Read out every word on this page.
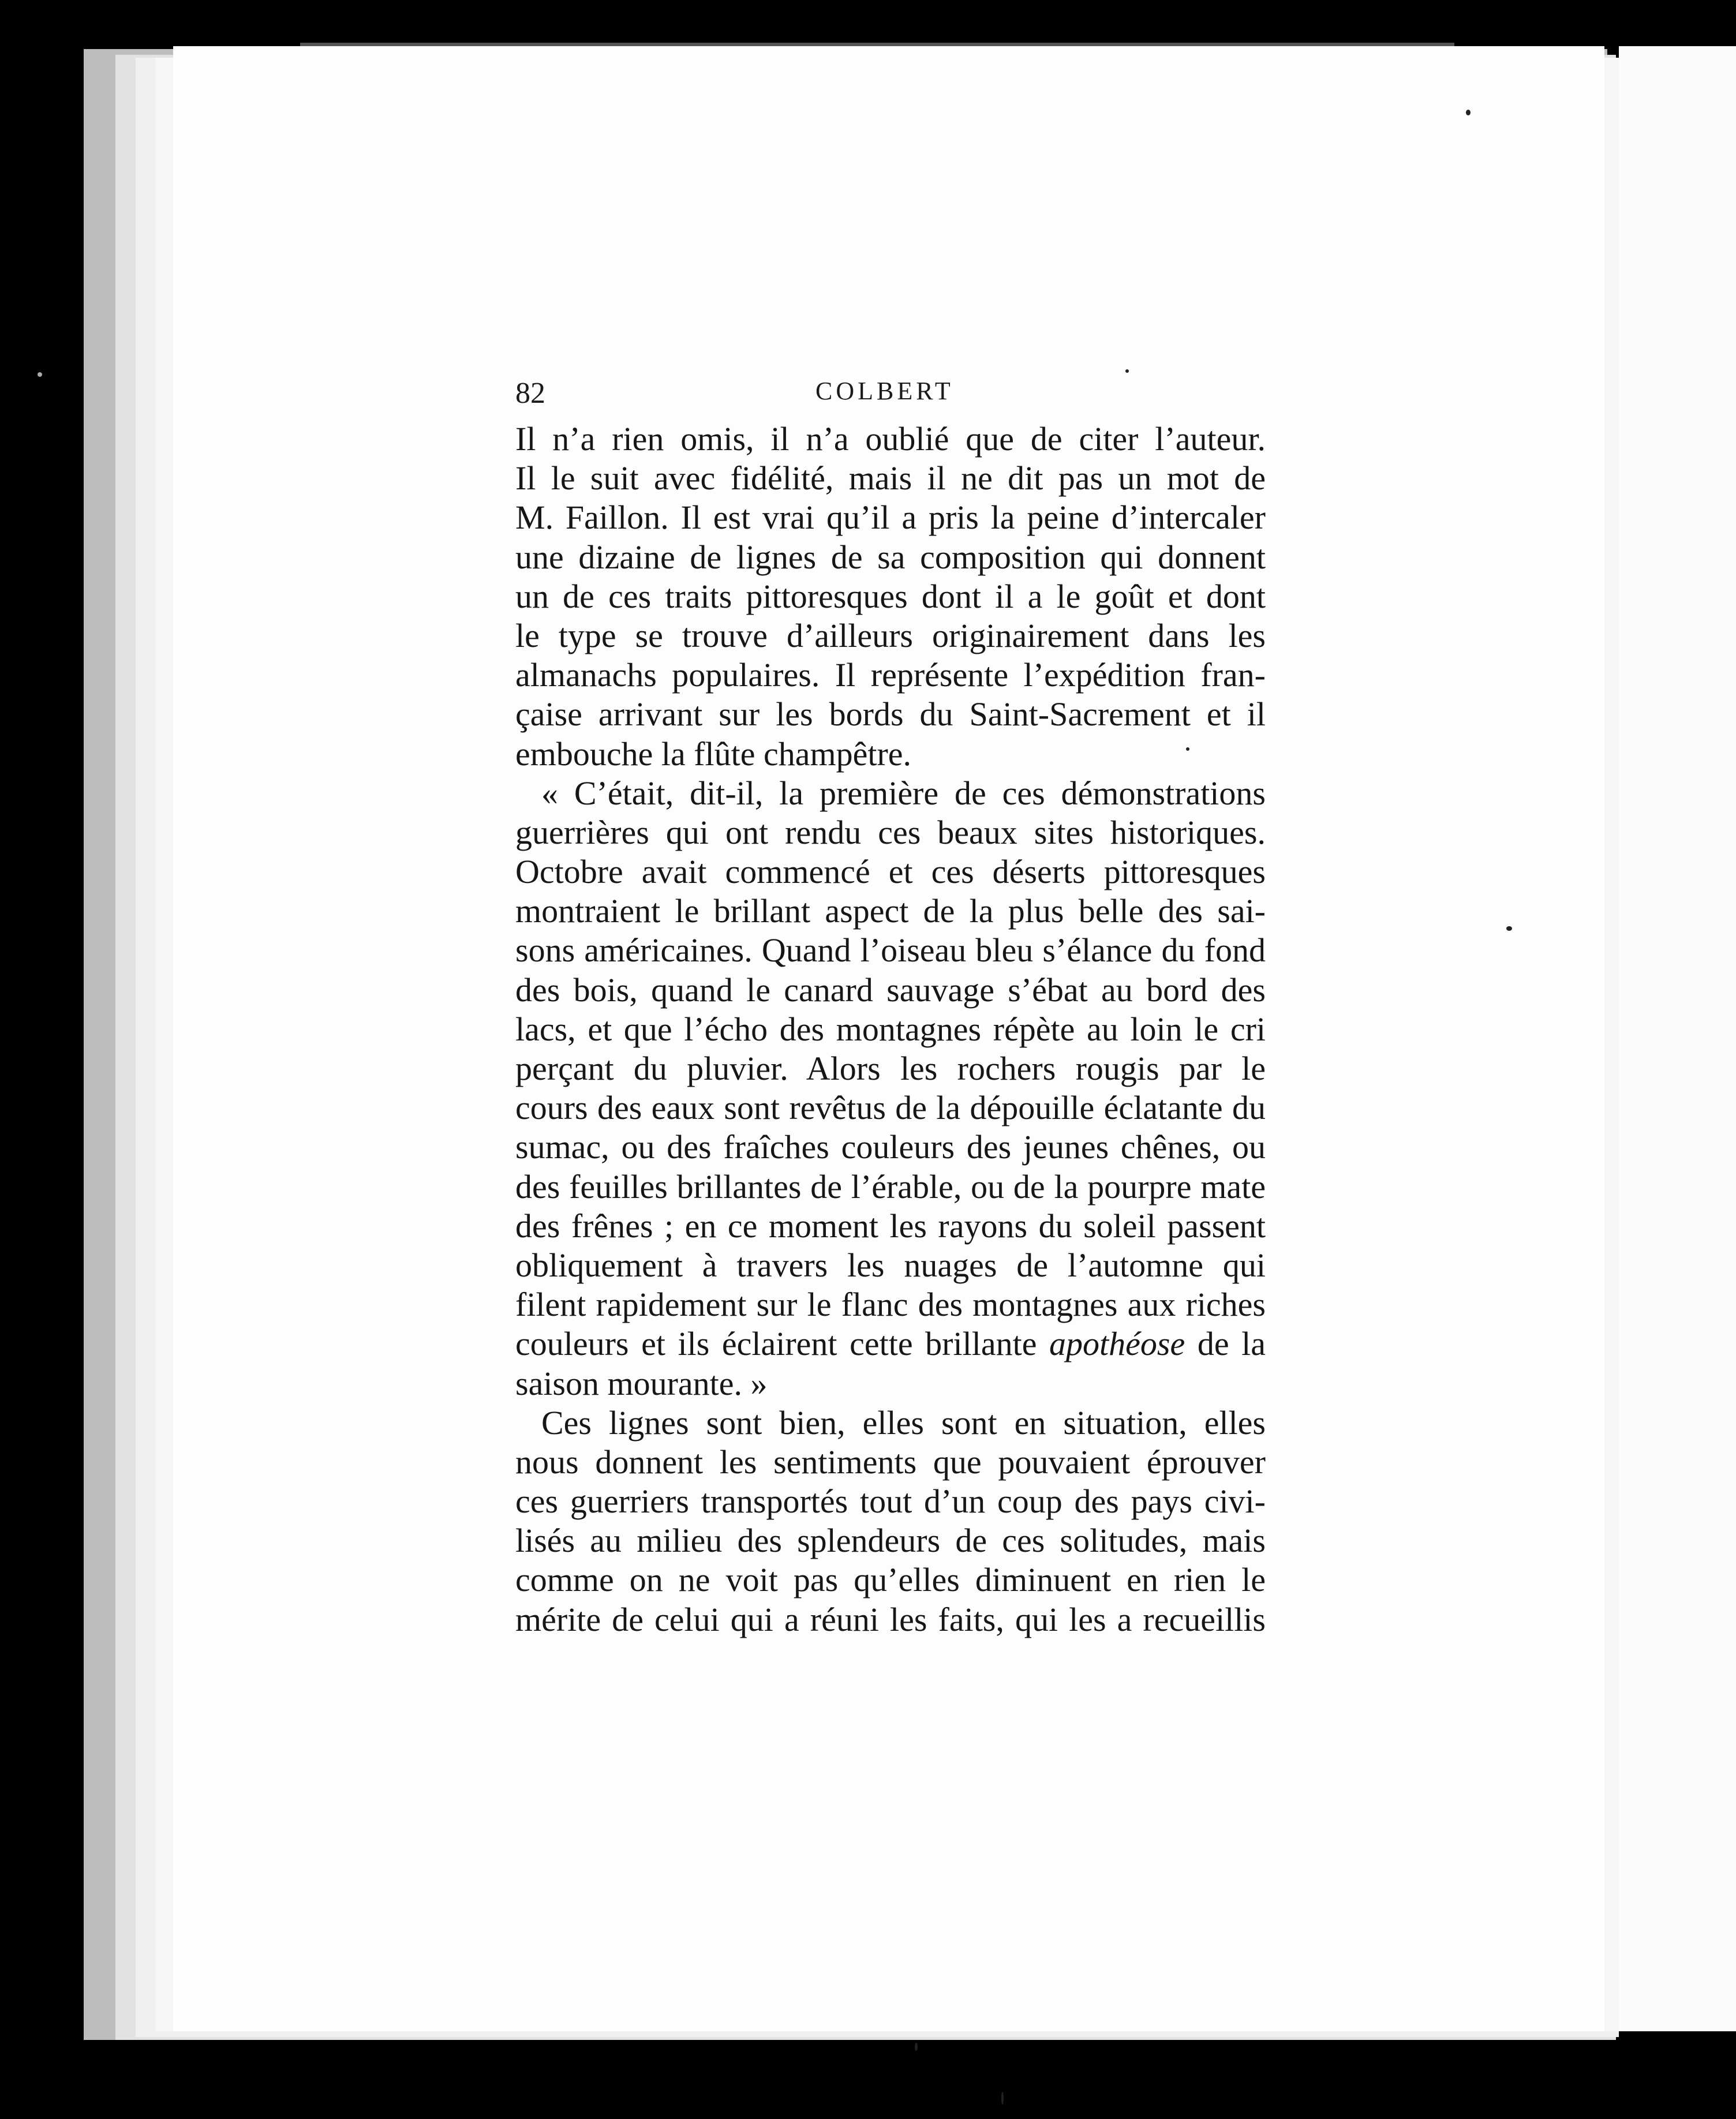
82	COLBERT
Il n’a rien omis, il n’a oublié que de citer l’auteur.
Il le suit avec fidélité, mais il ne dit pas un mot de
M. Faillon. Il est vrai qu’il a pris la peine d’intercaler
une dizaine de lignes de sa composition qui donnent
un de ces traits pittoresques dont il a le goût et dont
le type se trouve d’ailleurs originairement dans les
almanachs populaires. Il représente l’expédition fran-
çaise arrivant sur les bords du Saint-Sacrement et il
embouche la flûte champêtre.
« C’était, dit-il, la première de ces démonstrations
guerrières qui ont rendu ces beaux sites historiques.
Octobre avait commencé et ces déserts pittoresques
montraient le brillant aspect de la plus belle des sai-
sons américaines. Quand l’oiseau bleu s’élance du fond
des bois, quand le canard sauvage s’ébat au bord des
lacs, et que l’écho des montagnes répète au loin le cri
perçant du pluvier. Alors les rochers rougis par le
cours des eaux sont revêtus de la dépouille éclatante du
sumac, ou des fraîches couleurs des jeunes chênes, ou
des feuilles brillantes de l’érable, ou de la pourpre mate
des frênes ; en ce moment les rayons du soleil passent
obliquement à travers les nuages de l’automne qui
filent rapidement sur le flanc des montagnes aux riches
couleurs et ils éclairent cette brillante apothéose de la
saison mourante. »
Ces lignes sont bien, elles sont en situation, elles
nous donnent les sentiments que pouvaient éprouver
ces guerriers transportés tout d’un coup des pays civi-
lisés au milieu des splendeurs de ces solitudes, mais
comme on ne voit pas qu’elles diminuent en rien le
mérite de celui qui a réuni les faits, qui les a recueillis
